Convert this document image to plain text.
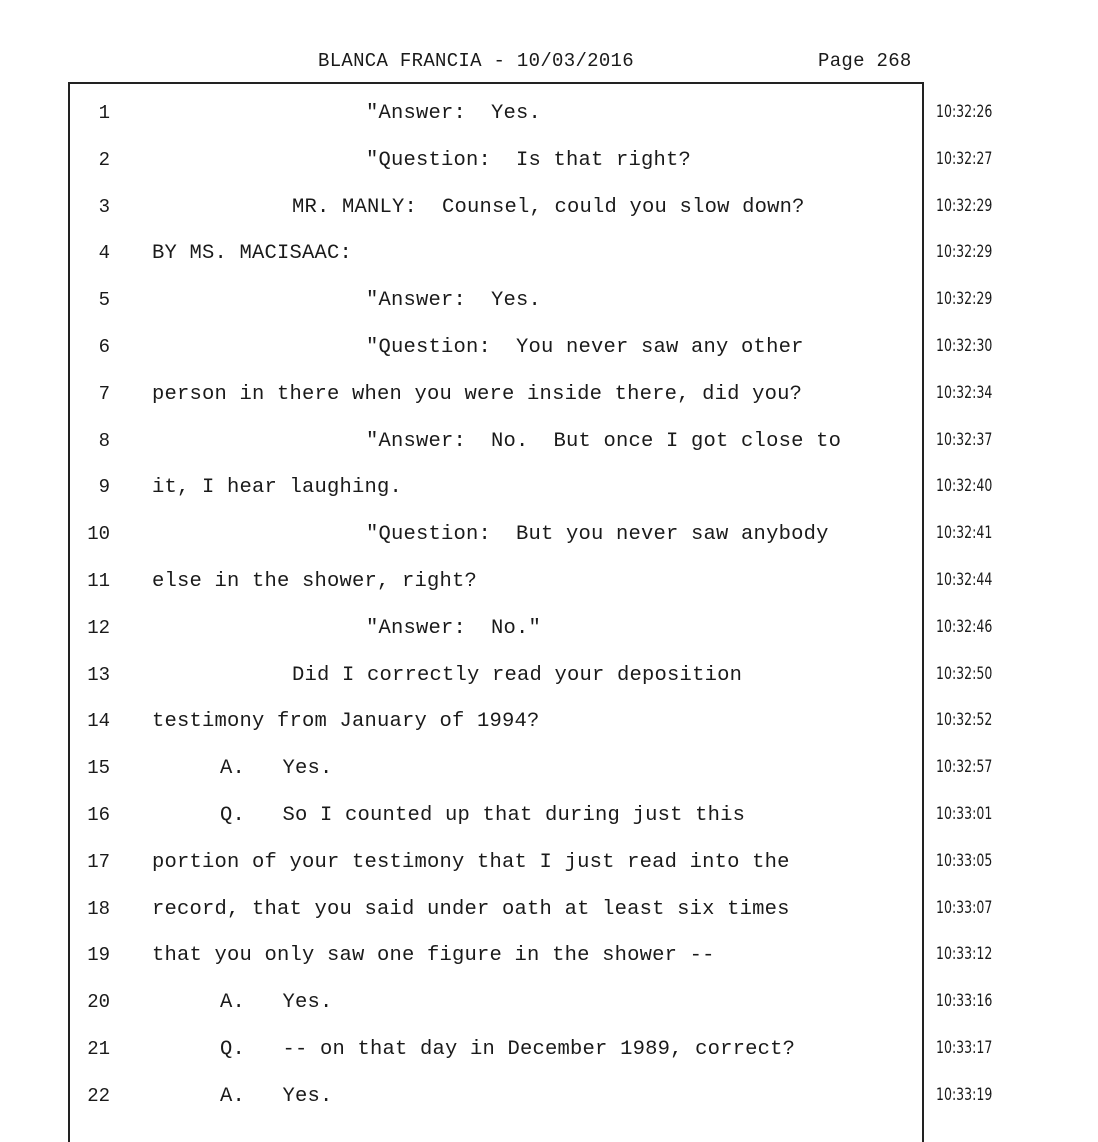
BLANCA FRANCIA - 10/03/2016	Page 268
1	"Answer:  Yes.	10:32:26
2	"Question:  Is that right?	10:32:27
3	MR. MANLY:  Counsel, could you slow down?	10:32:29
4 BY MS. MACISAAC:	10:32:29
5	"Answer:  Yes.	10:32:29
6	"Question:  You never saw any other	10:32:30
7 person in there when you were inside there, did you?	10:32:34
8	"Answer:  No.  But once I got close to	10:32:37
9 it, I hear laughing.	10:32:40
10	"Question:  But you never saw anybody	10:32:41
11 else in the shower, right?	10:32:44
12	"Answer:  No."	10:32:46
13	Did I correctly read your deposition	10:32:50
14 testimony from January of 1994?	10:32:52
15	A.   Yes.	10:32:57
16	Q.   So I counted up that during just this	10:33:01
17 portion of your testimony that I just read into the	10:33:05
18 record, that you said under oath at least six times	10:33:07
19 that you only saw one figure in the shower --	10:33:12
20	A.   Yes.	10:33:16
21	Q.   -- on that day in December 1989, correct?	10:33:17
22	A.   Yes.	10:33:19
